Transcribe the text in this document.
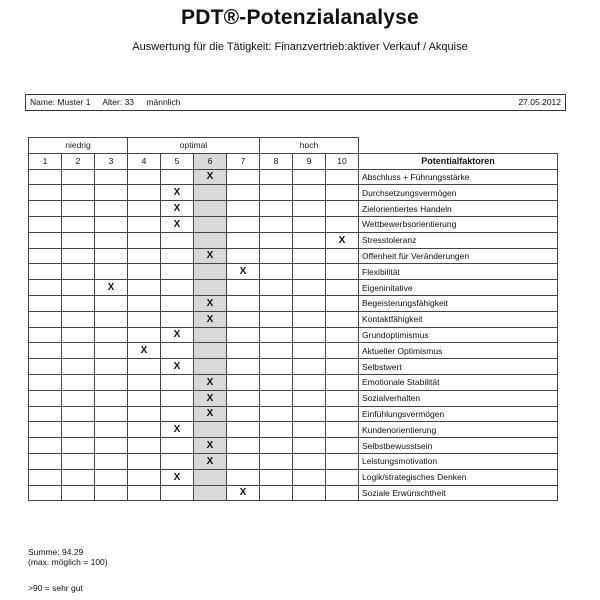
PDT®-Potenzialanalyse
Auswertung für die Tätigkeit: Finanzvertrieb:aktiver Verkauf / Akquise
Name: Muster 1 Alter: 33 männlich	27.05.2012
niedrig			optimal				hoch			
1	2	3	4	5	6	7	8	9	10	Potentialfaktoren
					X					Abschluss + Führungsstärke
				X						Durchsetzungsvermögen
				X						Zielorientiertes Handeln
				X						Wettbewerbsorientierung
									X	Stresstoleranz
					X					Offenheit für Veränderungen
						X				Flexibilität
		X								Eigeninitative
					X					Begeisterungsfähigkeit
					X					Kontaktfähigkeit
				X						Grundoptimismus
			X							Aktueller Optimismus
				X						Selbstwert
					X					Emotionale Stabilität
					X					Sozialverhalten
					X					Einfühlungsvermögen
				X						Kundenorientierung
					X					Selbstbewusstsein
					X					Leistungsmotivation
				X						Logik/strategisches Denken
						X				Soziale Erwünschtheit
Summe: 94.29
(max. möglich = 100)
>90 = sehr gut
